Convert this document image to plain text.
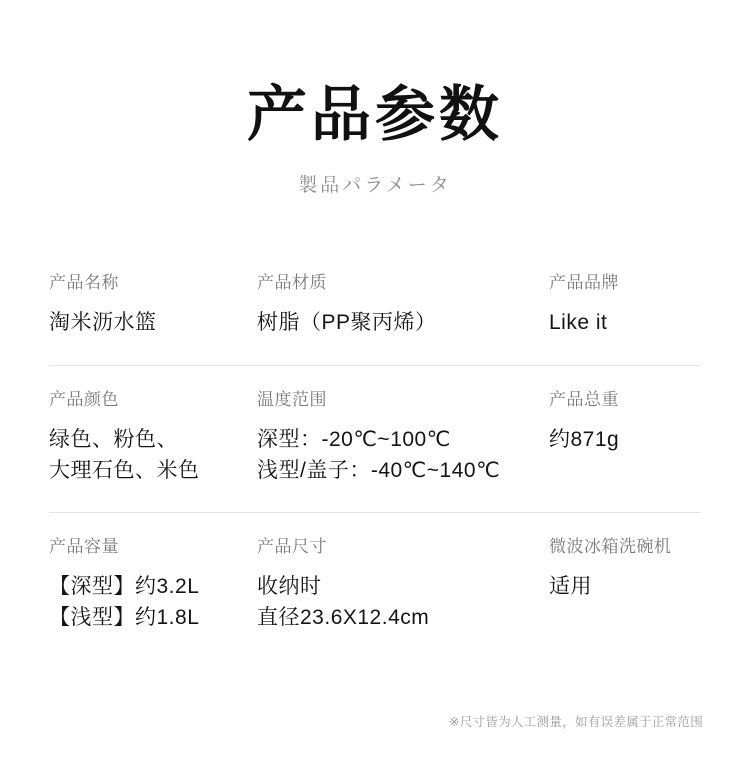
产品参数
製品パラメータ
产品名称
淘米沥水篮
产品材质
树脂（PP聚丙烯）
产品品牌
Like it
产品颜色
绿色、粉色、
大理石色、米色
温度范围
深型：-20℃~100℃
浅型/盖子：-40℃~140℃
产品总重
约871g
产品容量
【深型】约3.2L
【浅型】约1.8L
产品尺寸
收纳时
直径23.6X12.4cm
微波冰箱洗碗机
适用
※尺寸皆为人工测量，如有误差属于正常范围
